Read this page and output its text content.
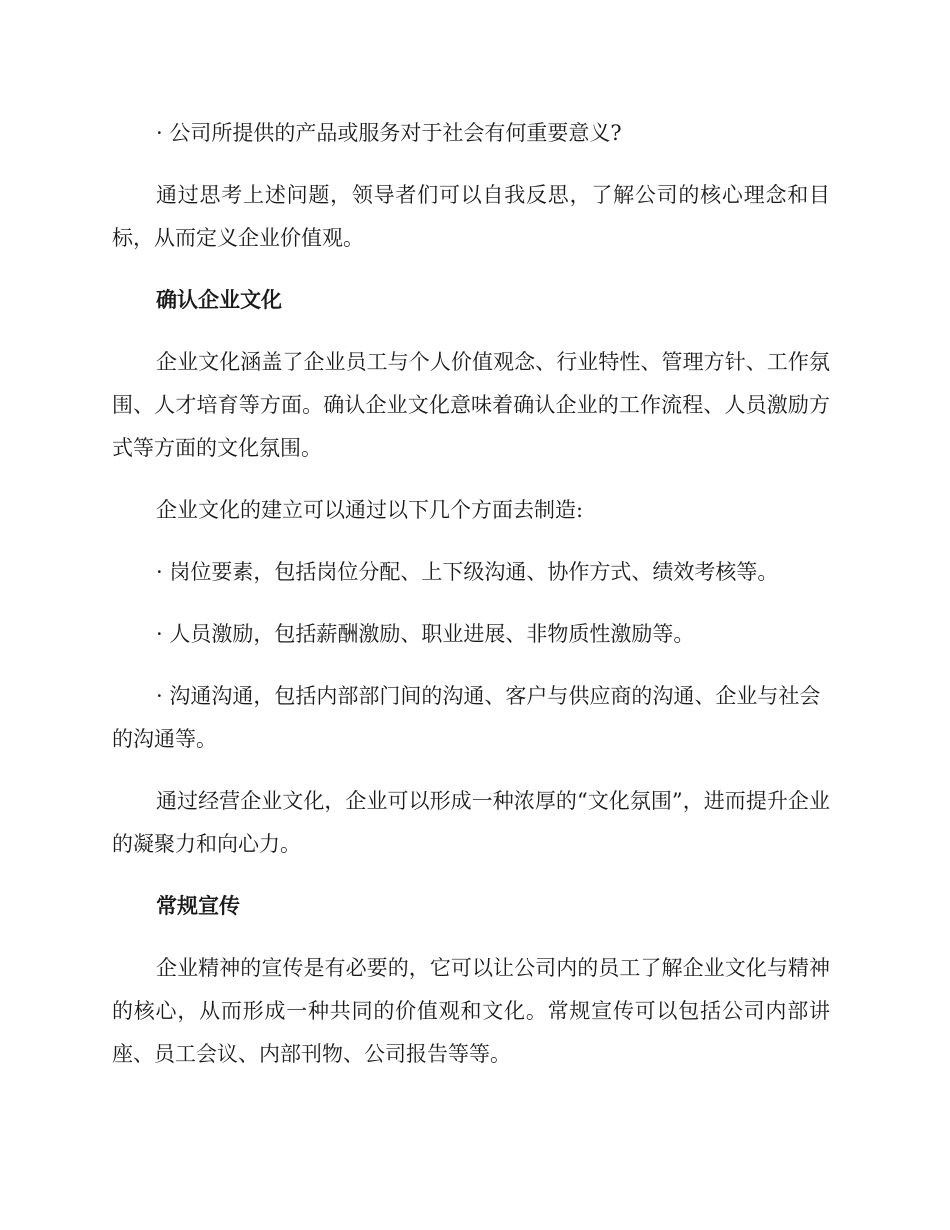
· 公司所提供的产品或服务对于社会有何重要意义?

通过思考上述问题，领导者们可以自我反思，了解公司的核心理念和目标，从而定义企业价值观。

确认企业文化

企业文化涵盖了企业员工与个人价值观念、行业特性、管理方针、工作氛围、人才培育等方面。确认企业文化意味着确认企业的工作流程、人员激励方式等方面的文化氛围。

企业文化的建立可以通过以下几个方面去制造:

· 岗位要素，包括岗位分配、上下级沟通、协作方式、绩效考核等。

· 人员激励，包括薪酬激励、职业进展、非物质性激励等。

· 沟通沟通，包括内部部门间的沟通、客户与供应商的沟通、企业与社会的沟通等。

通过经营企业文化，企业可以形成一种浓厚的“文化氛围”，进而提升企业的凝聚力和向心力。

常规宣传

企业精神的宣传是有必要的，它可以让公司内的员工了解企业文化与精神的核心，从而形成一种共同的价值观和文化。常规宣传可以包括公司内部讲座、员工会议、内部刊物、公司报告等等。
